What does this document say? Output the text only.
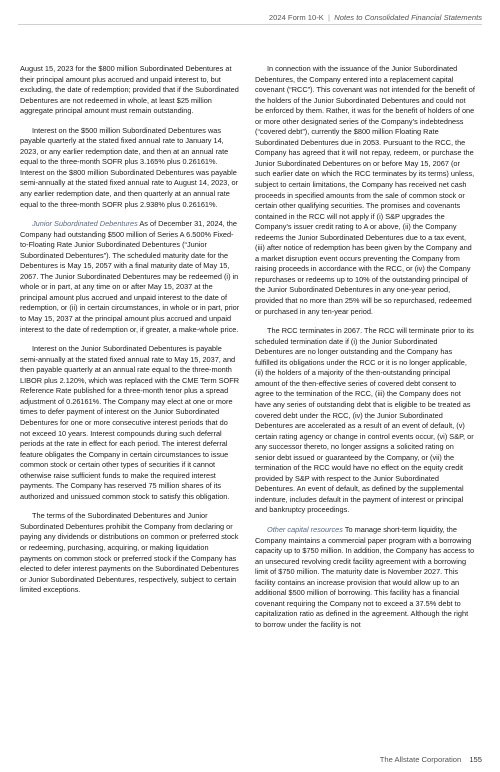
2024 Form 10-K  |  Notes to Consolidated Financial Statements

August 15, 2023 for the $800 million Subordinated Debentures at their principal amount plus accrued and unpaid interest to, but excluding, the date of redemption; provided that if the Subordinated Debentures are not redeemed in whole, at least $25 million aggregate principal amount must remain outstanding.

Interest on the $500 million Subordinated Debentures was payable quarterly at the stated fixed annual rate to January 14, 2023, or any earlier redemption date, and then at an annual rate equal to the three-month SOFR plus 3.165% plus 0.26161%. Interest on the $800 million Subordinated Debentures was payable semi-annually at the stated fixed annual rate to August 14, 2023, or any earlier redemption date, and then quarterly at an annual rate equal to the three-month SOFR plus 2.938% plus 0.26161%.

Junior Subordinated Debentures As of December 31, 2024, the Company had outstanding $500 million of Series A 6.500% Fixed-to-Floating Rate Junior Subordinated Debentures (“Junior Subordinated Debentures”). The scheduled maturity date for the Debentures is May 15, 2057 with a final maturity date of May 15, 2067. The Junior Subordinated Debentures may be redeemed (i) in whole or in part, at any time on or after May 15, 2037 at the principal amount plus accrued and unpaid interest to the date of redemption, or (ii) in certain circumstances, in whole or in part, prior to May 15, 2037 at the principal amount plus accrued and unpaid interest to the date of redemption or, if greater, a make-whole price.

Interest on the Junior Subordinated Debentures is payable semi-annually at the stated fixed annual rate to May 15, 2037, and then payable quarterly at an annual rate equal to the three-month LIBOR plus 2.120%, which was replaced with the CME Term SOFR Reference Rate published for a three-month tenor plus a spread adjustment of 0.26161%. The Company may elect at one or more times to defer payment of interest on the Junior Subordinated Debentures for one or more consecutive interest periods that do not exceed 10 years. Interest compounds during such deferral periods at the rate in effect for each period. The interest deferral feature obligates the Company in certain circumstances to issue common stock or certain other types of securities if it cannot otherwise raise sufficient funds to make the required interest payments. The Company has reserved 75 million shares of its authorized and unissued common stock to satisfy this obligation.

The terms of the Subordinated Debentures and Junior Subordinated Debentures prohibit the Company from declaring or paying any dividends or distributions on common or preferred stock or redeeming, purchasing, acquiring, or making liquidation payments on common stock or preferred stock if the Company has elected to defer interest payments on the Subordinated Debentures or Junior Subordinated Debentures, respectively, subject to certain limited exceptions.

In connection with the issuance of the Junior Subordinated Debentures, the Company entered into a replacement capital covenant (“RCC”). This covenant was not intended for the benefit of the holders of the Junior Subordinated Debentures and could not be enforced by them. Rather, it was for the benefit of holders of one or more other designated series of the Company’s indebtedness (“covered debt”), currently the $800 million Floating Rate Subordinated Debentures due in 2053. Pursuant to the RCC, the Company has agreed that it will not repay, redeem, or purchase the Junior Subordinated Debentures on or before May 15, 2067 (or such earlier date on which the RCC terminates by its terms) unless, subject to certain limitations, the Company has received net cash proceeds in specified amounts from the sale of common stock or certain other qualifying securities. The promises and covenants contained in the RCC will not apply if (i) S&P upgrades the Company’s issuer credit rating to A or above, (ii) the Company redeems the Junior Subordinated Debentures due to a tax event, (iii) after notice of redemption has been given by the Company and a market disruption event occurs preventing the Company from raising proceeds in accordance with the RCC, or (iv) the Company repurchases or redeems up to 10% of the outstanding principal of the Junior Subordinated Debentures in any one-year period, provided that no more than 25% will be so repurchased, redeemed or purchased in any ten-year period.

The RCC terminates in 2067. The RCC will terminate prior to its scheduled termination date if (i) the Junior Subordinated Debentures are no longer outstanding and the Company has fulfilled its obligations under the RCC or it is no longer applicable, (ii) the holders of a majority of the then-outstanding principal amount of the then-effective series of covered debt consent to agree to the termination of the RCC, (iii) the Company does not have any series of outstanding debt that is eligible to be treated as covered debt under the RCC, (iv) the Junior Subordinated Debentures are accelerated as a result of an event of default, (v) certain rating agency or change in control events occur, (vi) S&P, or any successor thereto, no longer assigns a solicited rating on senior debt issued or guaranteed by the Company, or (vii) the termination of the RCC would have no effect on the equity credit provided by S&P with respect to the Junior Subordinated Debentures. An event of default, as defined by the supplemental indenture, includes default in the payment of interest or principal and bankruptcy proceedings.

Other capital resources To manage short-term liquidity, the Company maintains a commercial paper program with a borrowing capacity up to $750 million. In addition, the Company has access to an unsecured revolving credit facility agreement with a borrowing limit of $750 million. The maturity date is November 2027. This facility contains an increase provision that would allow up to an additional $500 million of borrowing. This facility has a financial covenant requiring the Company not to exceed a 37.5% debt to capitalization ratio as defined in the agreement. Although the right to borrow under the facility is not

The Allstate Corporation 155
